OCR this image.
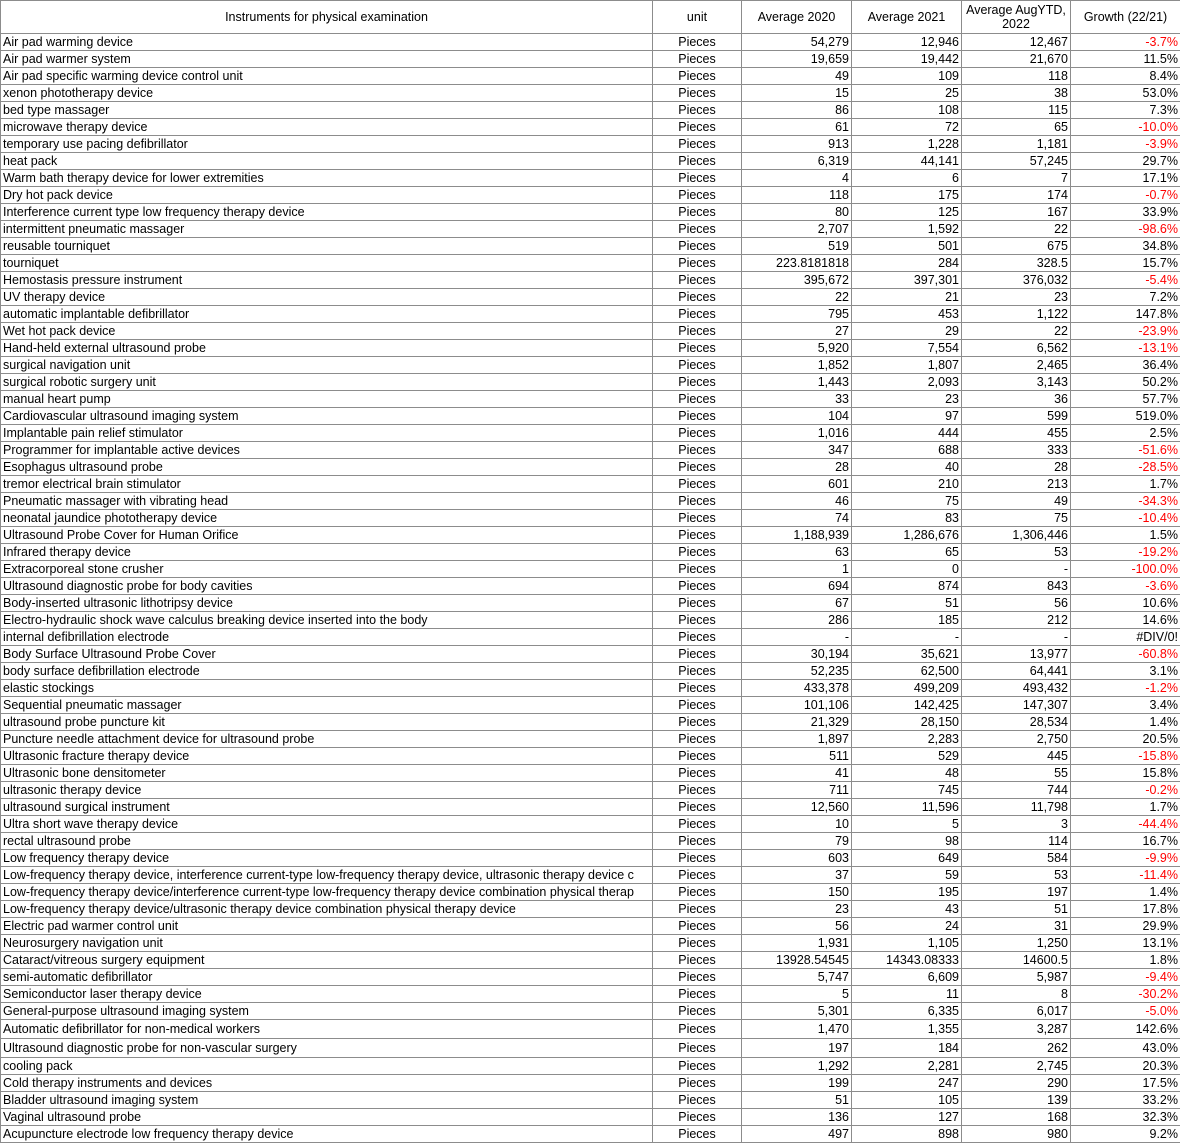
Instruments for physical examination	unit	Average 2020	Average 2021	Average AugYTD, 2022	Growth (22/21)
Air pad warming device	Pieces	54,279	12,946	12,467	-3.7%
Air pad warmer system	Pieces	19,659	19,442	21,670	11.5%
Air pad specific warming device control unit	Pieces	49	109	118	8.4%
xenon phototherapy device	Pieces	15	25	38	53.0%
bed type massager	Pieces	86	108	115	7.3%
microwave therapy device	Pieces	61	72	65	-10.0%
temporary use pacing defibrillator	Pieces	913	1,228	1,181	-3.9%
heat pack	Pieces	6,319	44,141	57,245	29.7%
Warm bath therapy device for lower extremities	Pieces	4	6	7	17.1%
Dry hot pack device	Pieces	118	175	174	-0.7%
Interference current type low frequency therapy device	Pieces	80	125	167	33.9%
intermittent pneumatic massager	Pieces	2,707	1,592	22	-98.6%
reusable tourniquet	Pieces	519	501	675	34.8%
tourniquet	Pieces	223.8181818	284	328.5	15.7%
Hemostasis pressure instrument	Pieces	395,672	397,301	376,032	-5.4%
UV therapy device	Pieces	22	21	23	7.2%
automatic implantable defibrillator	Pieces	795	453	1,122	147.8%
Wet hot pack device	Pieces	27	29	22	-23.9%
Hand-held external ultrasound probe	Pieces	5,920	7,554	6,562	-13.1%
surgical navigation unit	Pieces	1,852	1,807	2,465	36.4%
surgical robotic surgery unit	Pieces	1,443	2,093	3,143	50.2%
manual heart pump	Pieces	33	23	36	57.7%
Cardiovascular ultrasound imaging system	Pieces	104	97	599	519.0%
Implantable pain relief stimulator	Pieces	1,016	444	455	2.5%
Programmer for implantable active devices	Pieces	347	688	333	-51.6%
Esophagus ultrasound probe	Pieces	28	40	28	-28.5%
tremor electrical brain stimulator	Pieces	601	210	213	1.7%
Pneumatic massager with vibrating head	Pieces	46	75	49	-34.3%
neonatal jaundice phototherapy device	Pieces	74	83	75	-10.4%
Ultrasound Probe Cover for Human Orifice	Pieces	1,188,939	1,286,676	1,306,446	1.5%
Infrared therapy device	Pieces	63	65	53	-19.2%
Extracorporeal stone crusher	Pieces	1	0	-	-100.0%
Ultrasound diagnostic probe for body cavities	Pieces	694	874	843	-3.6%
Body-inserted ultrasonic lithotripsy device	Pieces	67	51	56	10.6%
Electro-hydraulic shock wave calculus breaking device inserted into the body	Pieces	286	185	212	14.6%
internal defibrillation electrode	Pieces	-	-	-	#DIV/0!
Body Surface Ultrasound Probe Cover	Pieces	30,194	35,621	13,977	-60.8%
body surface defibrillation electrode	Pieces	52,235	62,500	64,441	3.1%
elastic stockings	Pieces	433,378	499,209	493,432	-1.2%
Sequential pneumatic massager	Pieces	101,106	142,425	147,307	3.4%
ultrasound probe puncture kit	Pieces	21,329	28,150	28,534	1.4%
Puncture needle attachment device for ultrasound probe	Pieces	1,897	2,283	2,750	20.5%
Ultrasonic fracture therapy device	Pieces	511	529	445	-15.8%
Ultrasonic bone densitometer	Pieces	41	48	55	15.8%
ultrasonic therapy device	Pieces	711	745	744	-0.2%
ultrasound surgical instrument	Pieces	12,560	11,596	11,798	1.7%
Ultra short wave therapy device	Pieces	10	5	3	-44.4%
rectal ultrasound probe	Pieces	79	98	114	16.7%
Low frequency therapy device	Pieces	603	649	584	-9.9%
Low-frequency therapy device, interference current-type low-frequency therapy device, ultrasonic therapy device c	Pieces	37	59	53	-11.4%
Low-frequency therapy device/interference current-type low-frequency therapy device combination physical therap	Pieces	150	195	197	1.4%
Low-frequency therapy device/ultrasonic therapy device combination physical therapy device	Pieces	23	43	51	17.8%
Electric pad warmer control unit	Pieces	56	24	31	29.9%
Neurosurgery navigation unit	Pieces	1,931	1,105	1,250	13.1%
Cataract/vitreous surgery equipment	Pieces	13928.54545	14343.08333	14600.5	1.8%
semi-automatic defibrillator	Pieces	5,747	6,609	5,987	-9.4%
Semiconductor laser therapy device	Pieces	5	11	8	-30.2%
General-purpose ultrasound imaging system	Pieces	5,301	6,335	6,017	-5.0%
Automatic defibrillator for non-medical workers	Pieces	1,470	1,355	3,287	142.6%
Ultrasound diagnostic probe for non-vascular surgery	Pieces	197	184	262	43.0%
cooling pack	Pieces	1,292	2,281	2,745	20.3%
Cold therapy instruments and devices	Pieces	199	247	290	17.5%
Bladder ultrasound imaging system	Pieces	51	105	139	33.2%
Vaginal ultrasound probe	Pieces	136	127	168	32.3%
Acupuncture electrode low frequency therapy device	Pieces	497	898	980	9.2%
